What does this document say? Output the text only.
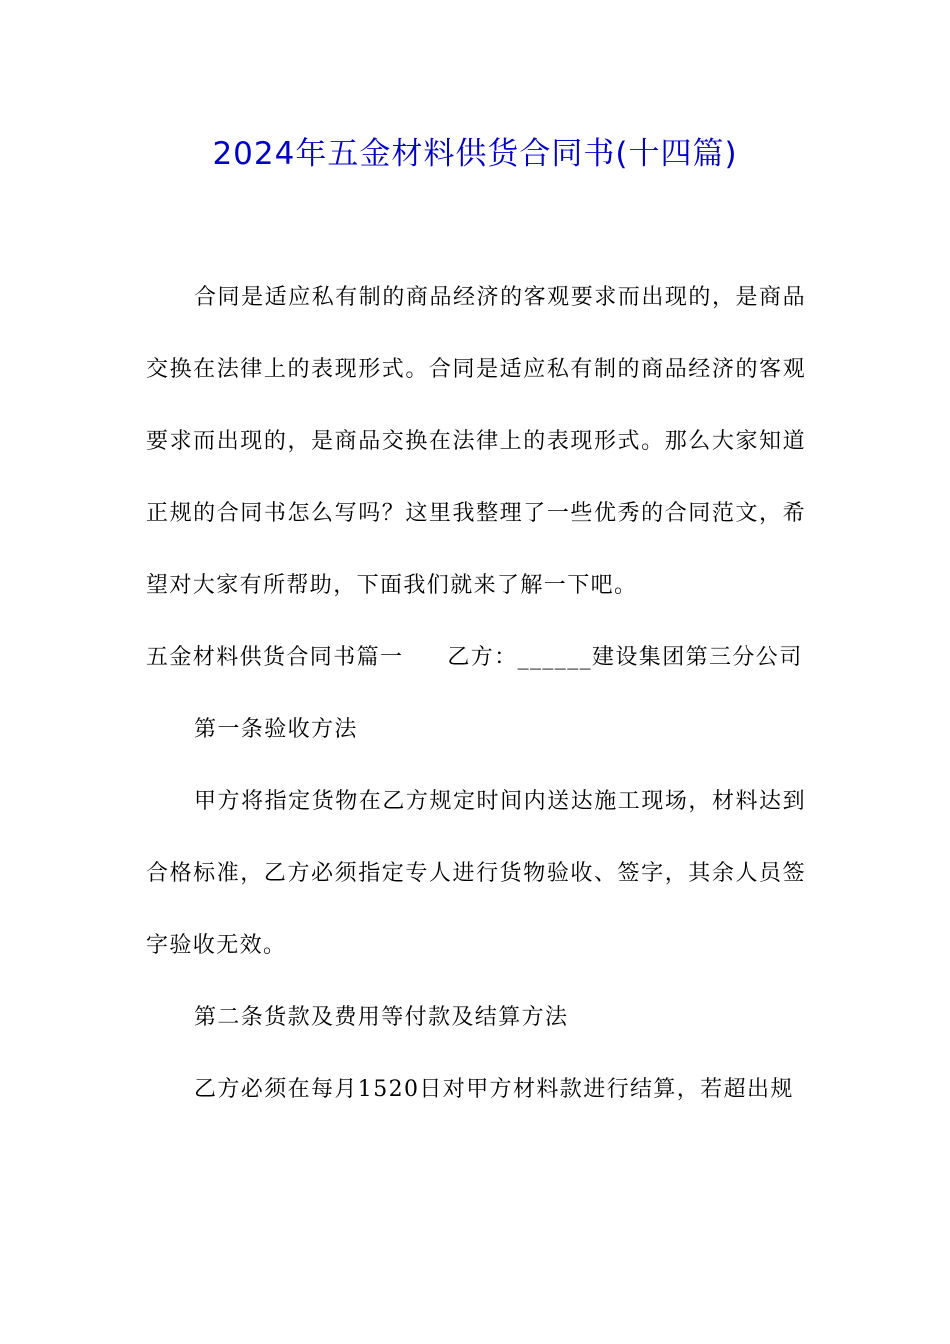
2024年五金材料供货合同书(十四篇)

合同是适应私有制的商品经济的客观要求而出现的，是商品交换在法律上的表现形式。合同是适应私有制的商品经济的客观要求而出现的，是商品交换在法律上的表现形式。那么大家知道正规的合同书怎么写吗？这里我整理了一些优秀的合同范文，希望对大家有所帮助，下面我们就来了解一下吧。

五金材料供货合同书篇一 乙方：______建设集团第三分公司

第一条验收方法

甲方将指定货物在乙方规定时间内送达施工现场，材料达到合格标准，乙方必须指定专人进行货物验收、签字，其余人员签字验收无效。

第二条货款及费用等付款及结算方法

乙方必须在每月1520日对甲方材料款进行结算，若超出规
